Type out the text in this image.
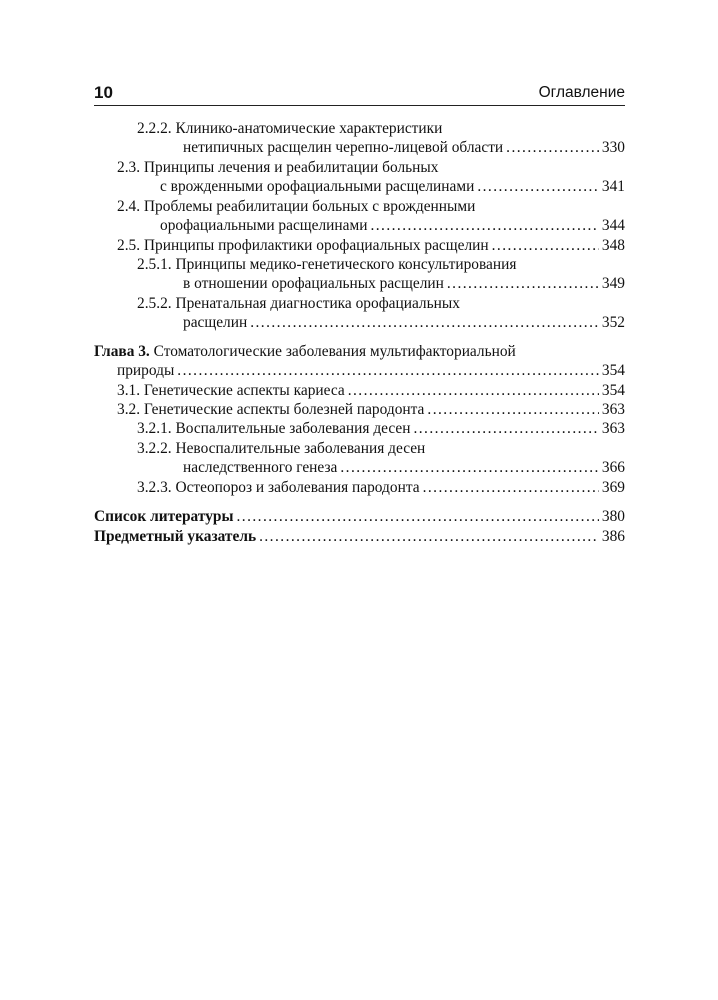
10	Оглавление
2.2.2. Клинико-анатомические характеристики
нетипичных расщелин черепно-лицевой области . . .	330
2.3. Принципы лечения и реабилитации больных
с врожденными орофациальными расщелинами . . .	341
2.4. Проблемы реабилитации больных с врожденными
орофациальными расщелинами . . .	344
2.5. Принципы профилактики орофациальных расщелин . . .	348
2.5.1. Принципы медико-генетического консультирования
в отношении орофациальных расщелин . . .	349
2.5.2. Пренатальная диагностика орофациальных
расщелин . . .	352
Глава 3. Стоматологические заболевания мультифакториальной
природы . . .	354
3.1. Генетические аспекты кариеса . . .	354
3.2. Генетические аспекты болезней пародонта . . .	363
3.2.1. Воспалительные заболевания десен . . .	363
3.2.2. Невоспалительные заболевания десен
наследственного генеза . . .	366
3.2.3. Остеопороз и заболевания пародонта . . .	369
Список литературы . . .	380
Предметный указатель . . .	386
